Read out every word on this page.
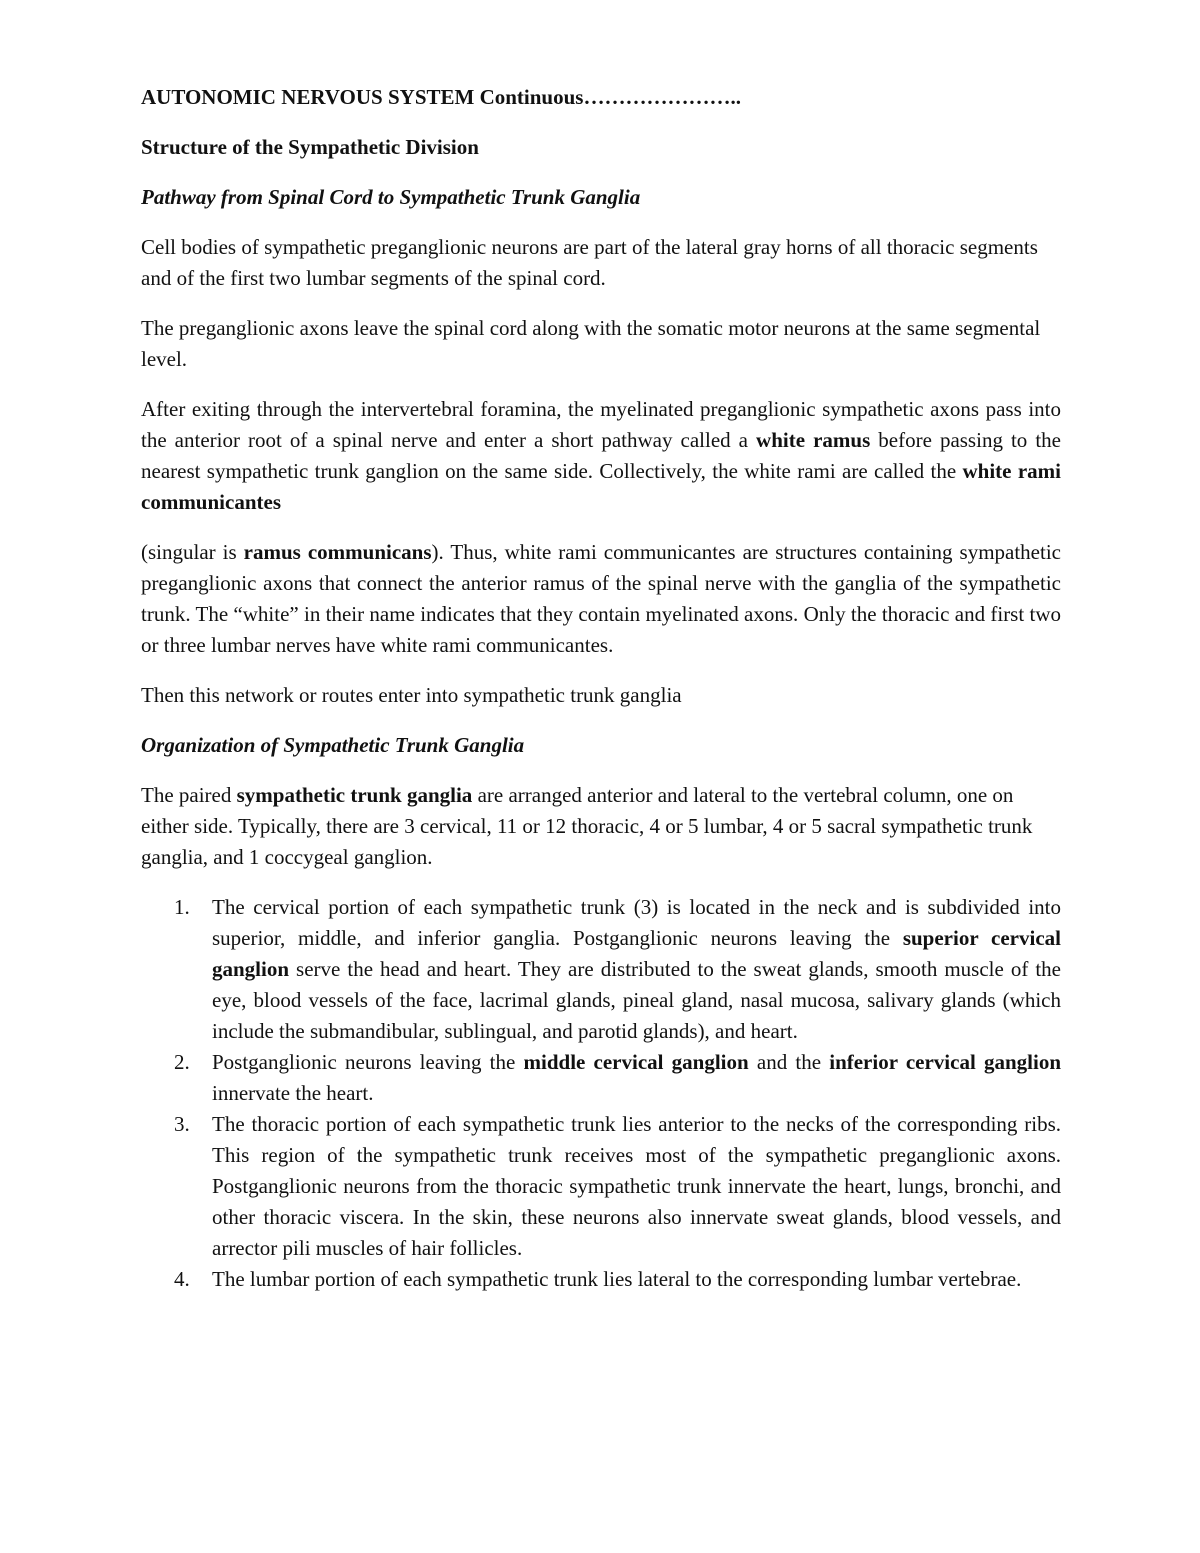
AUTONOMIC NERVOUS SYSTEM Continuous…………………..

Structure of the Sympathetic Division

Pathway from Spinal Cord to Sympathetic Trunk Ganglia

Cell bodies of sympathetic preganglionic neurons are part of the lateral gray horns of all thoracic segments and of the first two lumbar segments of the spinal cord.

The preganglionic axons leave the spinal cord along with the somatic motor neurons at the same segmental level.

After exiting through the intervertebral foramina, the myelinated preganglionic sympathetic axons pass into the anterior root of a spinal nerve and enter a short pathway called a white ramus before passing to the nearest sympathetic trunk ganglion on the same side. Collectively, the white rami are called the white rami communicantes

(singular is ramus communicans). Thus, white rami communicantes are structures containing sympathetic preganglionic axons that connect the anterior ramus of the spinal nerve with the ganglia of the sympathetic trunk. The “white” in their name indicates that they contain myelinated axons. Only the thoracic and first two or three lumbar nerves have white rami communicantes.

Then this network or routes enter into sympathetic trunk ganglia

Organization of Sympathetic Trunk Ganglia

The paired sympathetic trunk ganglia are arranged anterior and lateral to the vertebral column, one on either side. Typically, there are 3 cervical, 11 or 12 thoracic, 4 or 5 lumbar, 4 or 5 sacral sympathetic trunk ganglia, and 1 coccygeal ganglion.

1. The cervical portion of each sympathetic trunk (3) is located in the neck and is subdivided into superior, middle, and inferior ganglia. Postganglionic neurons leaving the superior cervical ganglion serve the head and heart. They are distributed to the sweat glands, smooth muscle of the eye, blood vessels of the face, lacrimal glands, pineal gland, nasal mucosa, salivary glands (which include the submandibular, sublingual, and parotid glands), and heart.
2. Postganglionic neurons leaving the middle cervical ganglion and the inferior cervical ganglion innervate the heart.
3. The thoracic portion of each sympathetic trunk lies anterior to the necks of the corresponding ribs. This region of the sympathetic trunk receives most of the sympathetic preganglionic axons. Postganglionic neurons from the thoracic sympathetic trunk innervate the heart, lungs, bronchi, and other thoracic viscera. In the skin, these neurons also innervate sweat glands, blood vessels, and arrector pili muscles of hair follicles.
4. The lumbar portion of each sympathetic trunk lies lateral to the corresponding lumbar vertebrae.
